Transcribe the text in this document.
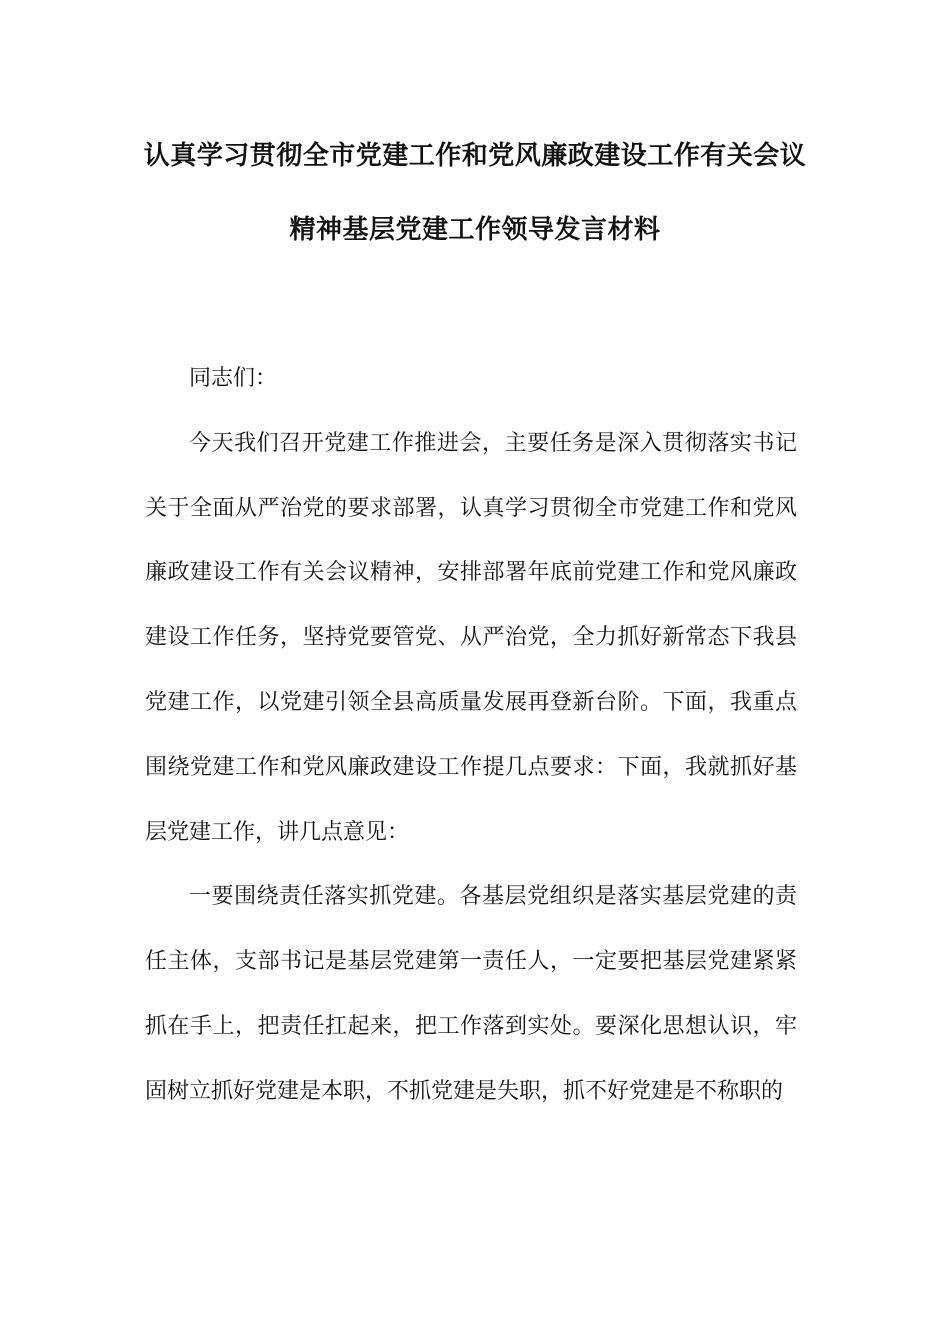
认真学习贯彻全市党建工作和党风廉政建设工作有关会议
精神基层党建工作领导发言材料

同志们：

今天我们召开党建工作推进会，主要任务是深入贯彻落实书记关于全面从严治党的要求部署，认真学习贯彻全市党建工作和党风廉政建设工作有关会议精神，安排部署年底前党建工作和党风廉政建设工作任务，坚持党要管党、从严治党，全力抓好新常态下我县党建工作，以党建引领全县高质量发展再登新台阶。下面，我重点围绕党建工作和党风廉政建设工作提几点要求：下面，我就抓好基层党建工作，讲几点意见：

一要围绕责任落实抓党建。各基层党组织是落实基层党建的责任主体，支部书记是基层党建第一责任人，一定要把基层党建紧紧抓在手上，把责任扛起来，把工作落到实处。要深化思想认识，牢固树立抓好党建是本职，不抓党建是失职，抓不好党建是不称职的
